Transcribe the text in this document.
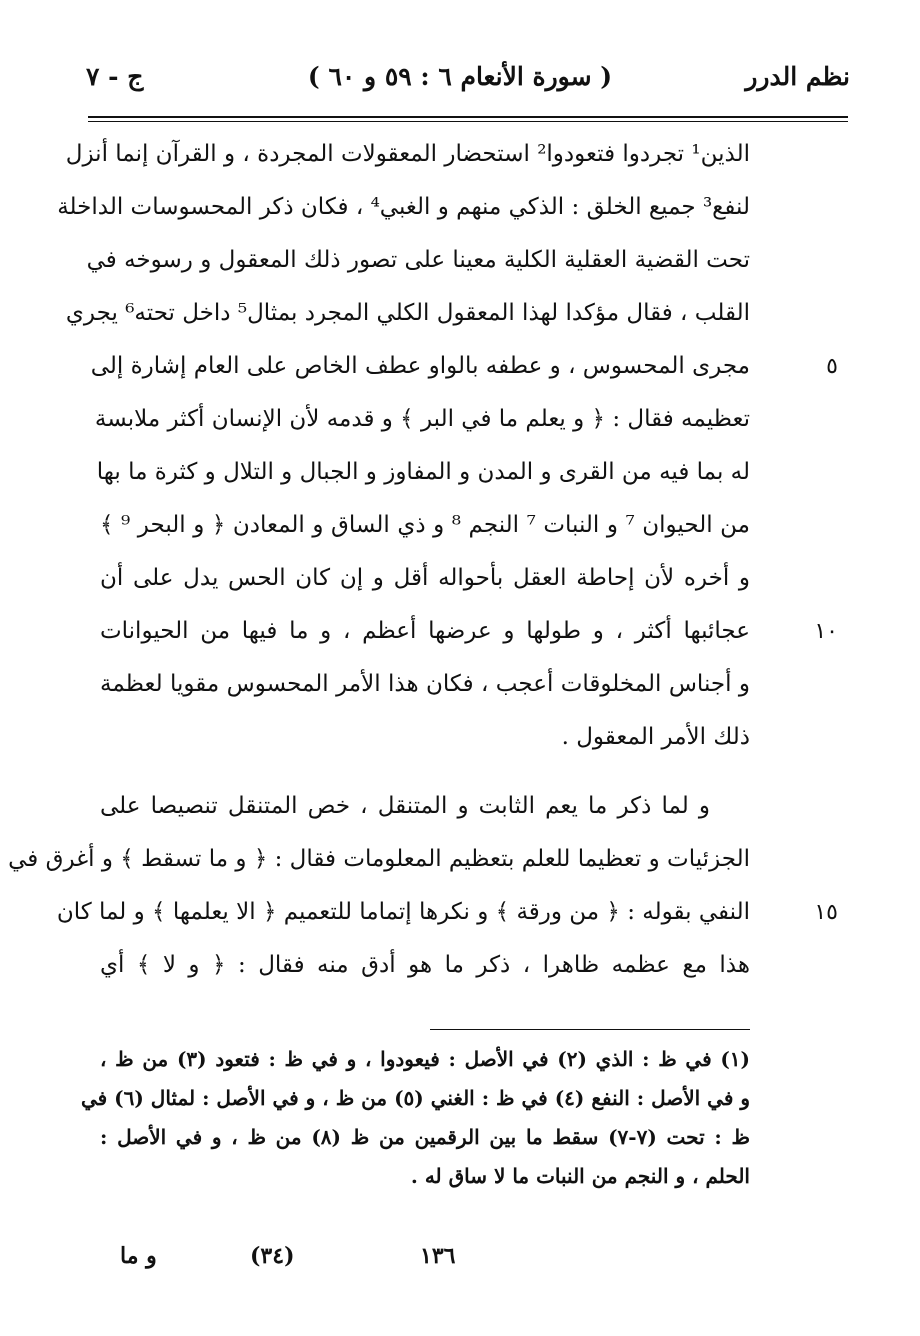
نظم الدرر
( سورة الأنعام ٦ : ٥٩ و ٦٠ )
ج - ٧
الذين¹ تجردوا فتعودوا² استحضار المعقولات المجردة ، و القرآن إنما أنزل
لنفع³ جميع الخلق : الذكي منهم و الغبي⁴ ، فكان ذكر المحسوسات الداخلة
تحت القضية العقلية الكلية معينا على تصور ذلك المعقول و رسوخه في
القلب ، فقال مؤكدا لهذا المعقول الكلي المجرد بمثال⁵ داخل تحته⁶ يجري
مجرى المحسوس ، و عطفه بالواو عطف الخاص على العام إشارة إلى	٥
تعظيمه فقال : ﴿ و يعلم ما في البر ﴾ و قدمه لأن الإنسان أكثر ملابسة
له بما فيه من القرى و المدن و المفاوز و الجبال و التلال و كثرة ما بها
من الحيوان ⁷ و النبات ⁷ النجم ⁸ و ذي الساق و المعادن ﴿ و البحر ⁹ ﴾
و أخره لأن إحاطة العقل بأحواله أقل و إن كان الحس يدل على أن
عجائبها أكثر ، و طولها و عرضها أعظم ، و ما فيها من الحيوانات	١٠
و أجناس المخلوقات أعجب ، فكان هذا الأمر المحسوس مقويا لعظمة
ذلك الأمر المعقول .
و لما ذكر ما يعم الثابت و المتنقل ، خص المتنقل تنصيصا على
الجزئيات و تعظيما للعلم بتعظيم المعلومات فقال : ﴿ و ما تسقط ﴾ و أغرق في
النفي بقوله : ﴿ من ورقة ﴾ و نكرها إتماما للتعميم ﴿ الا يعلمها ﴾ و لما كان	١٥
هذا مع عظمه ظاهرا ، ذكر ما هو أدق منه فقال : ﴿ و لا ﴾ أي
(١) في ظ : الذي (٢) في الأصل : فيعودوا ، و في ظ : فتعود (٣) من ظ ،
و في الأصل : النفع (٤) في ظ : الغني (٥) من ظ ، و في الأصل : لمثال (٦) في
ظ : تحت (٧-٧) سقط ما بين الرقمين من ظ (٨) من ظ ، و في الأصل :
الحلم ، و النجم من النبات ما لا ساق له .
١٣٦
(٣٤)
و ما
